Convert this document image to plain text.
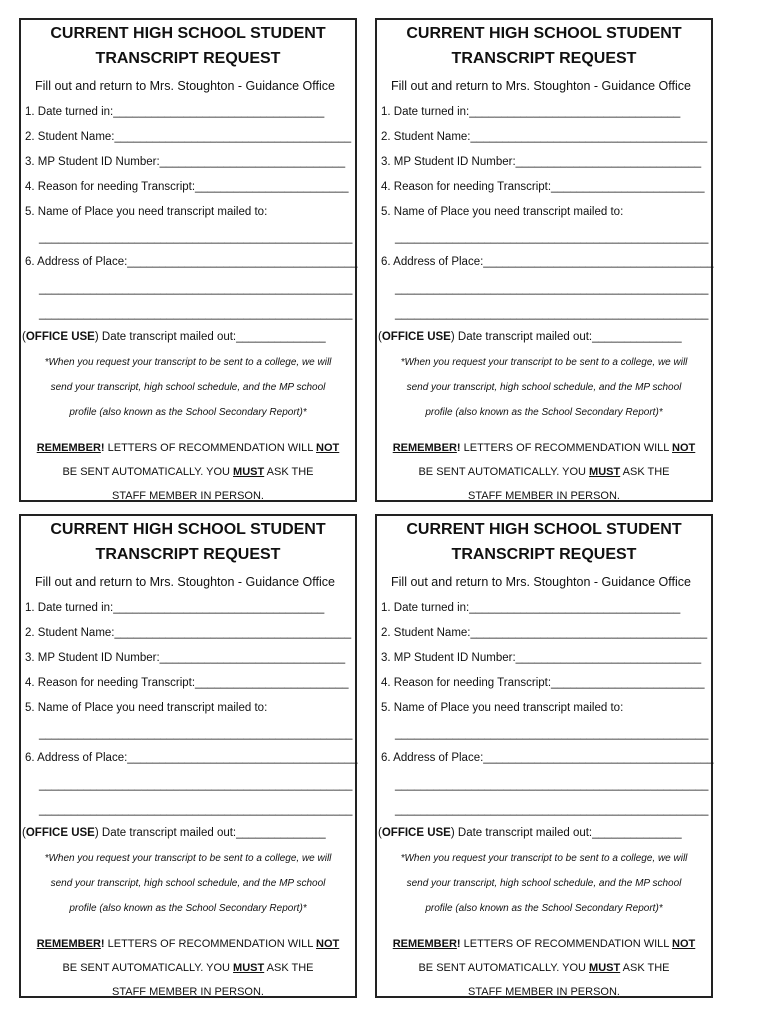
CURRENT HIGH SCHOOL STUDENT
TRANSCRIPT REQUEST
Fill out and return to Mrs. Stoughton - Guidance Office
1. Date turned in:_________________________________
2. Student Name:_____________________________________
3. MP Student ID Number:_____________________________
4. Reason for needing Transcript:________________________
5. Name of Place you need transcript mailed to:
_________________________________________________
6. Address of Place:____________________________________
_________________________________________________
_________________________________________________
(OFFICE USE) Date transcript mailed out:______________
*When you request your transcript to be sent to a college, we will
send your transcript, high school schedule, and the MP school
profile (also known as the School Secondary Report)*
REMEMBER! LETTERS OF RECOMMENDATION WILL NOT
BE SENT AUTOMATICALLY. YOU MUST ASK THE
STAFF MEMBER IN PERSON.
CURRENT HIGH SCHOOL STUDENT
TRANSCRIPT REQUEST
Fill out and return to Mrs. Stoughton - Guidance Office
1. Date turned in:_________________________________
2. Student Name:_____________________________________
3. MP Student ID Number:_____________________________
4. Reason for needing Transcript:________________________
5. Name of Place you need transcript mailed to:
_________________________________________________
6. Address of Place:____________________________________
_________________________________________________
_________________________________________________
(OFFICE USE) Date transcript mailed out:______________
*When you request your transcript to be sent to a college, we will
send your transcript, high school schedule, and the MP school
profile (also known as the School Secondary Report)*
REMEMBER! LETTERS OF RECOMMENDATION WILL NOT
BE SENT AUTOMATICALLY. YOU MUST ASK THE
STAFF MEMBER IN PERSON.
CURRENT HIGH SCHOOL STUDENT
TRANSCRIPT REQUEST
Fill out and return to Mrs. Stoughton - Guidance Office
1. Date turned in:_________________________________
2. Student Name:_____________________________________
3. MP Student ID Number:_____________________________
4. Reason for needing Transcript:________________________
5. Name of Place you need transcript mailed to:
_________________________________________________
6. Address of Place:____________________________________
_________________________________________________
_________________________________________________
(OFFICE USE) Date transcript mailed out:______________
*When you request your transcript to be sent to a college, we will
send your transcript, high school schedule, and the MP school
profile (also known as the School Secondary Report)*
REMEMBER! LETTERS OF RECOMMENDATION WILL NOT
BE SENT AUTOMATICALLY. YOU MUST ASK THE
STAFF MEMBER IN PERSON.
CURRENT HIGH SCHOOL STUDENT
TRANSCRIPT REQUEST
Fill out and return to Mrs. Stoughton - Guidance Office
1. Date turned in:_________________________________
2. Student Name:_____________________________________
3. MP Student ID Number:_____________________________
4. Reason for needing Transcript:________________________
5. Name of Place you need transcript mailed to:
_________________________________________________
6. Address of Place:____________________________________
_________________________________________________
_________________________________________________
(OFFICE USE) Date transcript mailed out:______________
*When you request your transcript to be sent to a college, we will
send your transcript, high school schedule, and the MP school
profile (also known as the School Secondary Report)*
REMEMBER! LETTERS OF RECOMMENDATION WILL NOT
BE SENT AUTOMATICALLY. YOU MUST ASK THE
STAFF MEMBER IN PERSON.
